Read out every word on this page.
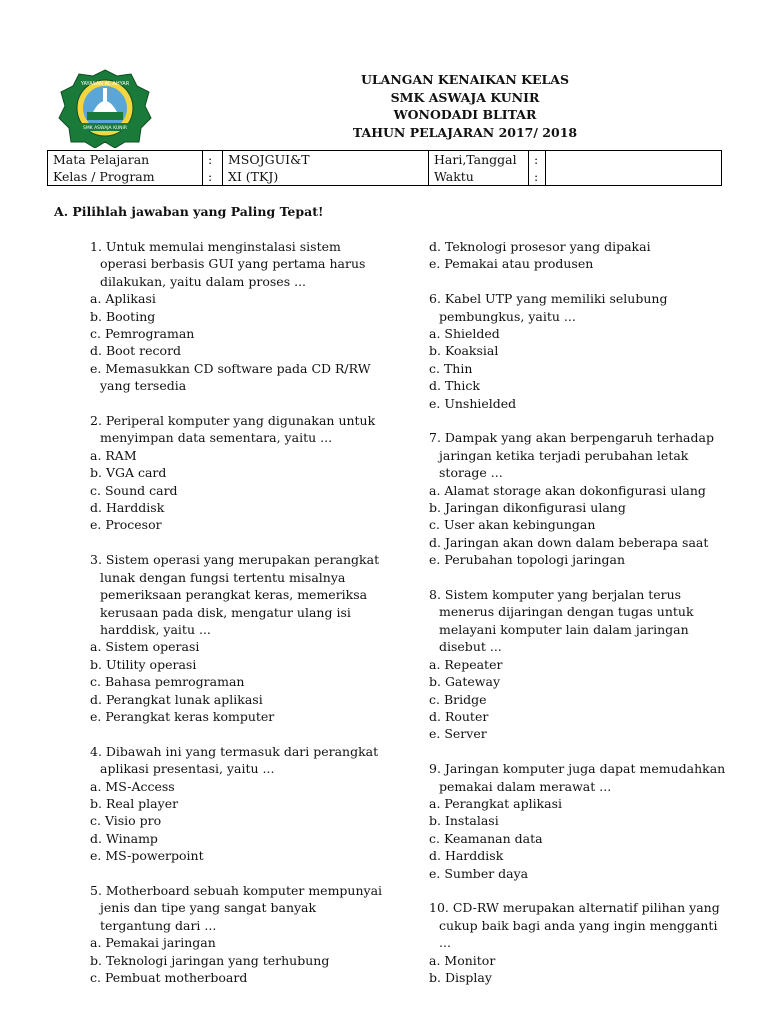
YAYASAN AL AHYAR
SMK ASWAJA KUNIR
ULANGAN KENAIKAN KELAS
SMK ASWAJA KUNIR
WONODADI BLITAR
TAHUN PELAJARAN 2017/ 2018
Mata Pelajaran	:	MSOJGUI&T	Hari,Tanggal	:	
Kelas / Program	:	XI (TKJ)	Waktu	:	
A. Pilihlah jawaban yang Paling Tepat!
1. Untuk memulai menginstalasi sistem operasi berbasis GUI yang pertama harus dilakukan, yaitu dalam proses ...
a. Aplikasi
b. Booting
c. Pemrograman
d. Boot record
e. Memasukkan CD software pada CD R/RW yang tersedia
2. Periperal komputer yang digunakan untuk menyimpan data sementara, yaitu ...
a. RAM
b. VGA card
c. Sound card
d. Harddisk
e. Procesor
3. Sistem operasi yang merupakan perangkat lunak dengan fungsi tertentu misalnya pemeriksaan perangkat keras, memeriksa kerusaan pada disk, mengatur ulang isi harddisk, yaitu ...
a. Sistem operasi
b. Utility operasi
c. Bahasa pemrograman
d. Perangkat lunak aplikasi
e. Perangkat keras komputer
4. Dibawah ini yang termasuk dari perangkat aplikasi presentasi, yaitu ...
a. MS-Access
b. Real player
c. Visio pro
d. Winamp
e. MS-powerpoint
5. Motherboard sebuah komputer mempunyai jenis dan tipe yang sangat banyak tergantung dari ...
a. Pemakai jaringan
b. Teknologi jaringan yang terhubung
c. Pembuat motherboard
d. Teknologi prosesor yang dipakai
e. Pemakai atau produsen
6. Kabel UTP yang memiliki selubung pembungkus, yaitu ...
a. Shielded
b. Koaksial
c. Thin
d. Thick
e. Unshielded
7. Dampak yang akan berpengaruh terhadap jaringan ketika terjadi perubahan letak storage ...
a. Alamat storage akan dokonfigurasi ulang
b. Jaringan dikonfigurasi ulang
c. User akan kebingungan
d. Jaringan akan down dalam beberapa saat
e. Perubahan topologi jaringan
8. Sistem komputer yang berjalan terus menerus dijaringan dengan tugas untuk melayani komputer lain dalam jaringan disebut ...
a. Repeater
b. Gateway
c. Bridge
d. Router
e. Server
9. Jaringan komputer juga dapat memudahkan pemakai dalam merawat ...
a. Perangkat aplikasi
b. Instalasi
c. Keamanan data
d. Harddisk
e. Sumber daya
10. CD-RW merupakan alternatif pilihan yang cukup baik bagi anda yang ingin mengganti ...
a. Monitor
b. Display
